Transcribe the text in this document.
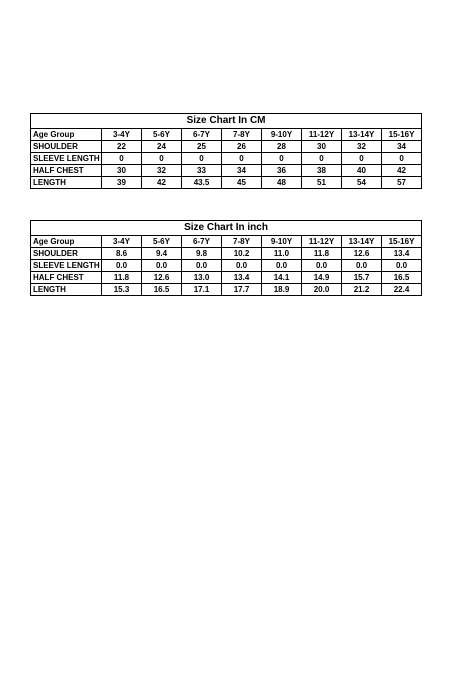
Size Chart In CM								
Age Group	3-4Y	5-6Y	6-7Y	7-8Y	9-10Y	11-12Y	13-14Y	15-16Y
SHOULDER	22	24	25	26	28	30	32	34
SLEEVE LENGTH	0	0	0	0	0	0	0	0
HALF CHEST	30	32	33	34	36	38	40	42
LENGTH	39	42	43.5	45	48	51	54	57
Size Chart In inch								
Age Group	3-4Y	5-6Y	6-7Y	7-8Y	9-10Y	11-12Y	13-14Y	15-16Y
SHOULDER	8.6	9.4	9.8	10.2	11.0	11.8	12.6	13.4
SLEEVE LENGTH	0.0	0.0	0.0	0.0	0.0	0.0	0.0	0.0
HALF CHEST	11.8	12.6	13.0	13.4	14.1	14.9	15.7	16.5
LENGTH	15.3	16.5	17.1	17.7	18.9	20.0	21.2	22.4
